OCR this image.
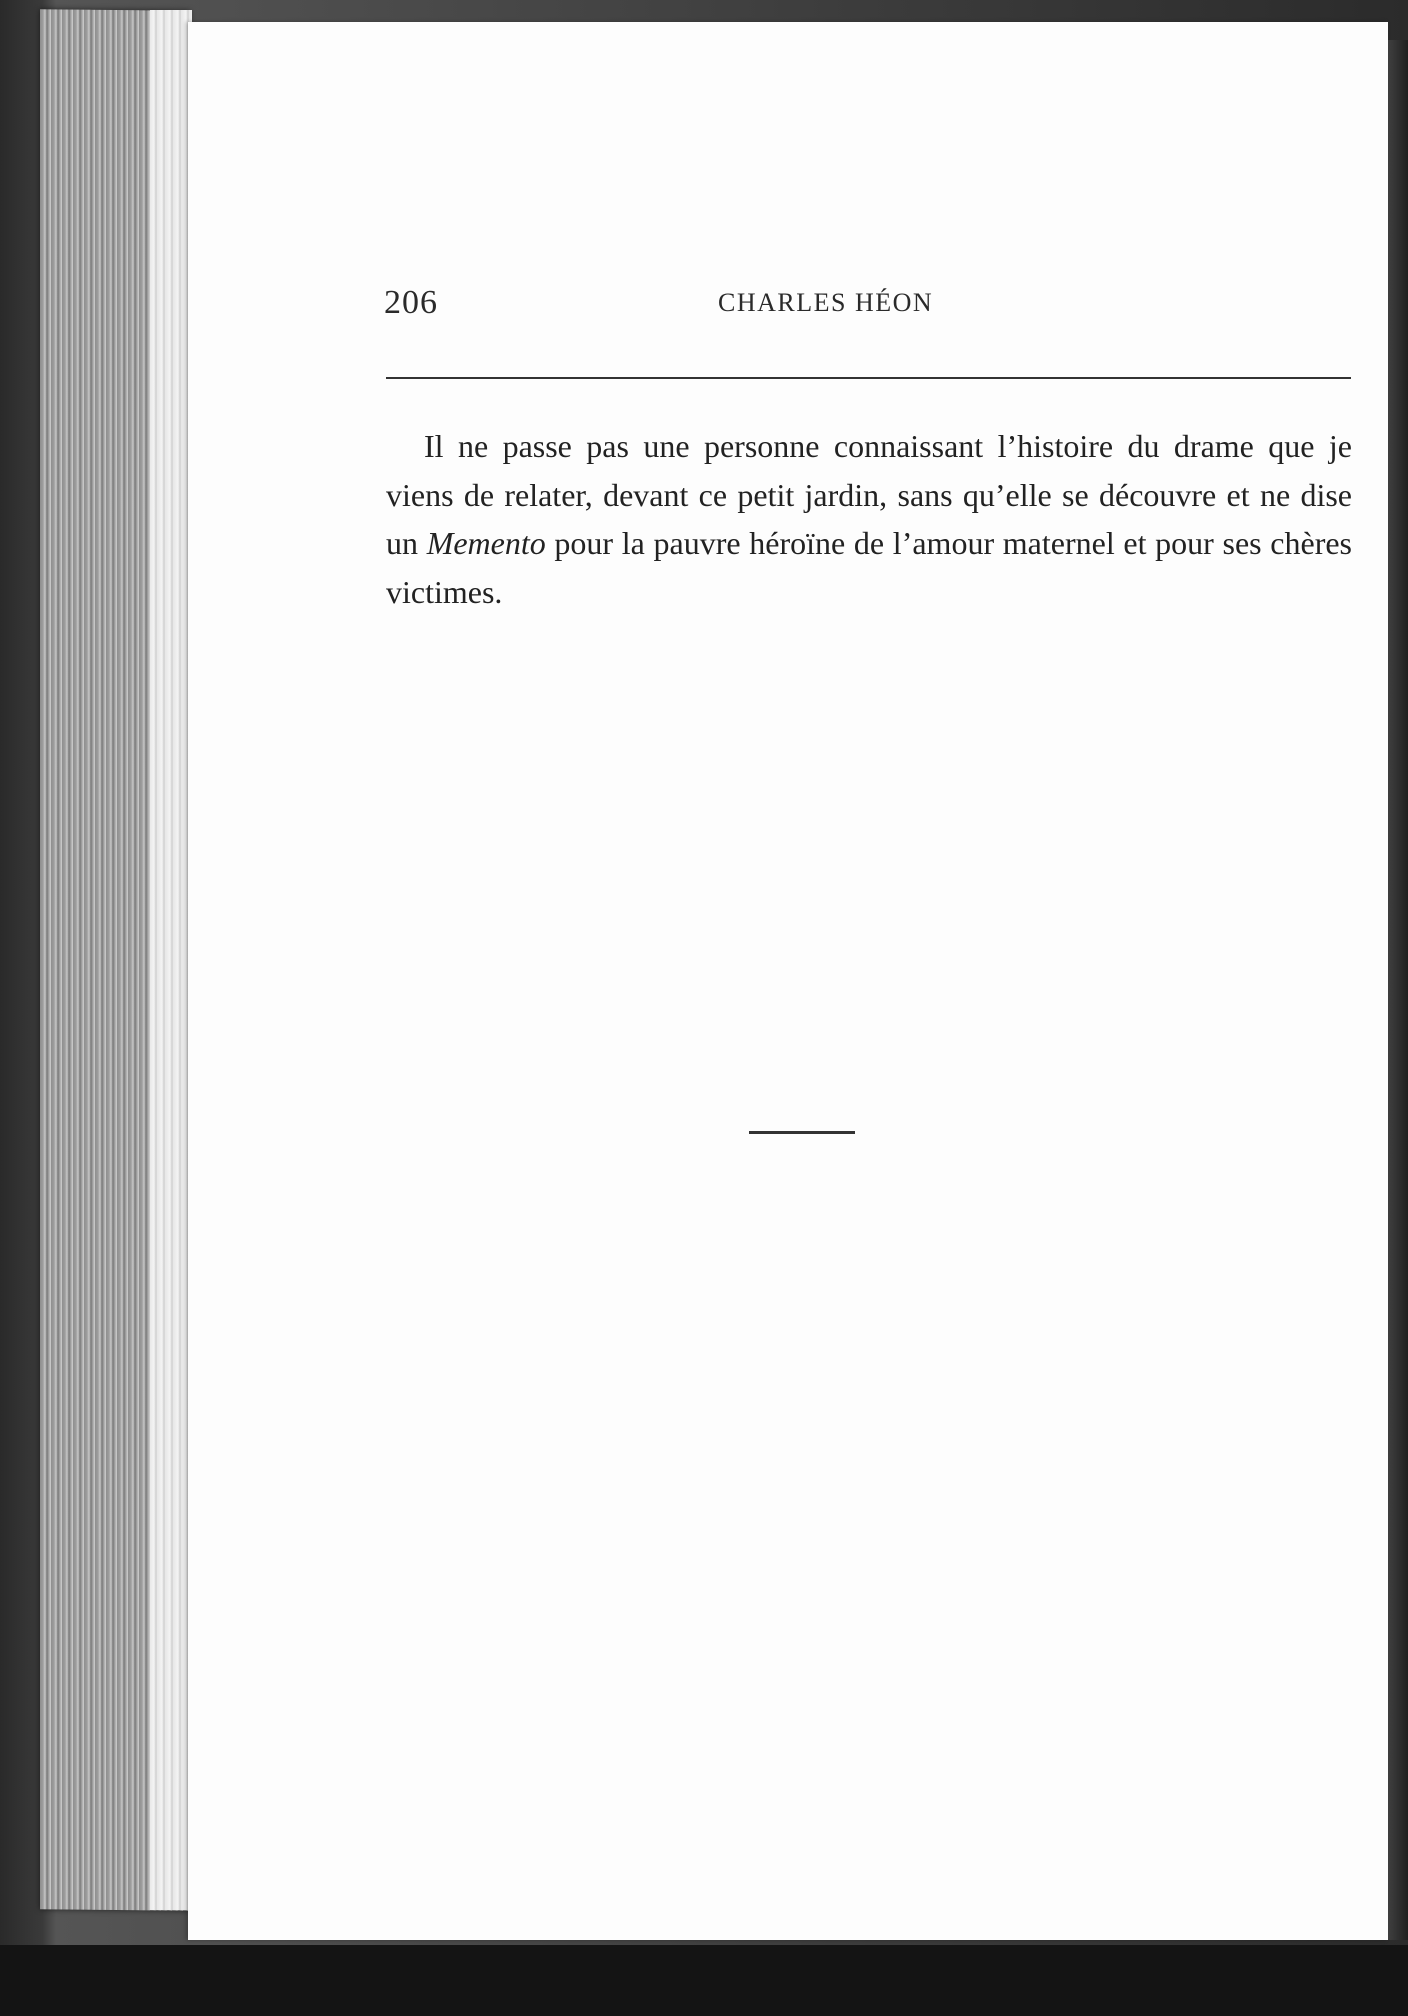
206	CHARLES HÉON

Il ne passe pas une personne connaissant l’histoire du drame que je viens de relater, devant ce petit jardin, sans qu’elle se découvre et ne dise un Memento pour la pauvre héroïne de l’amour maternel et pour ses chères victimes.
